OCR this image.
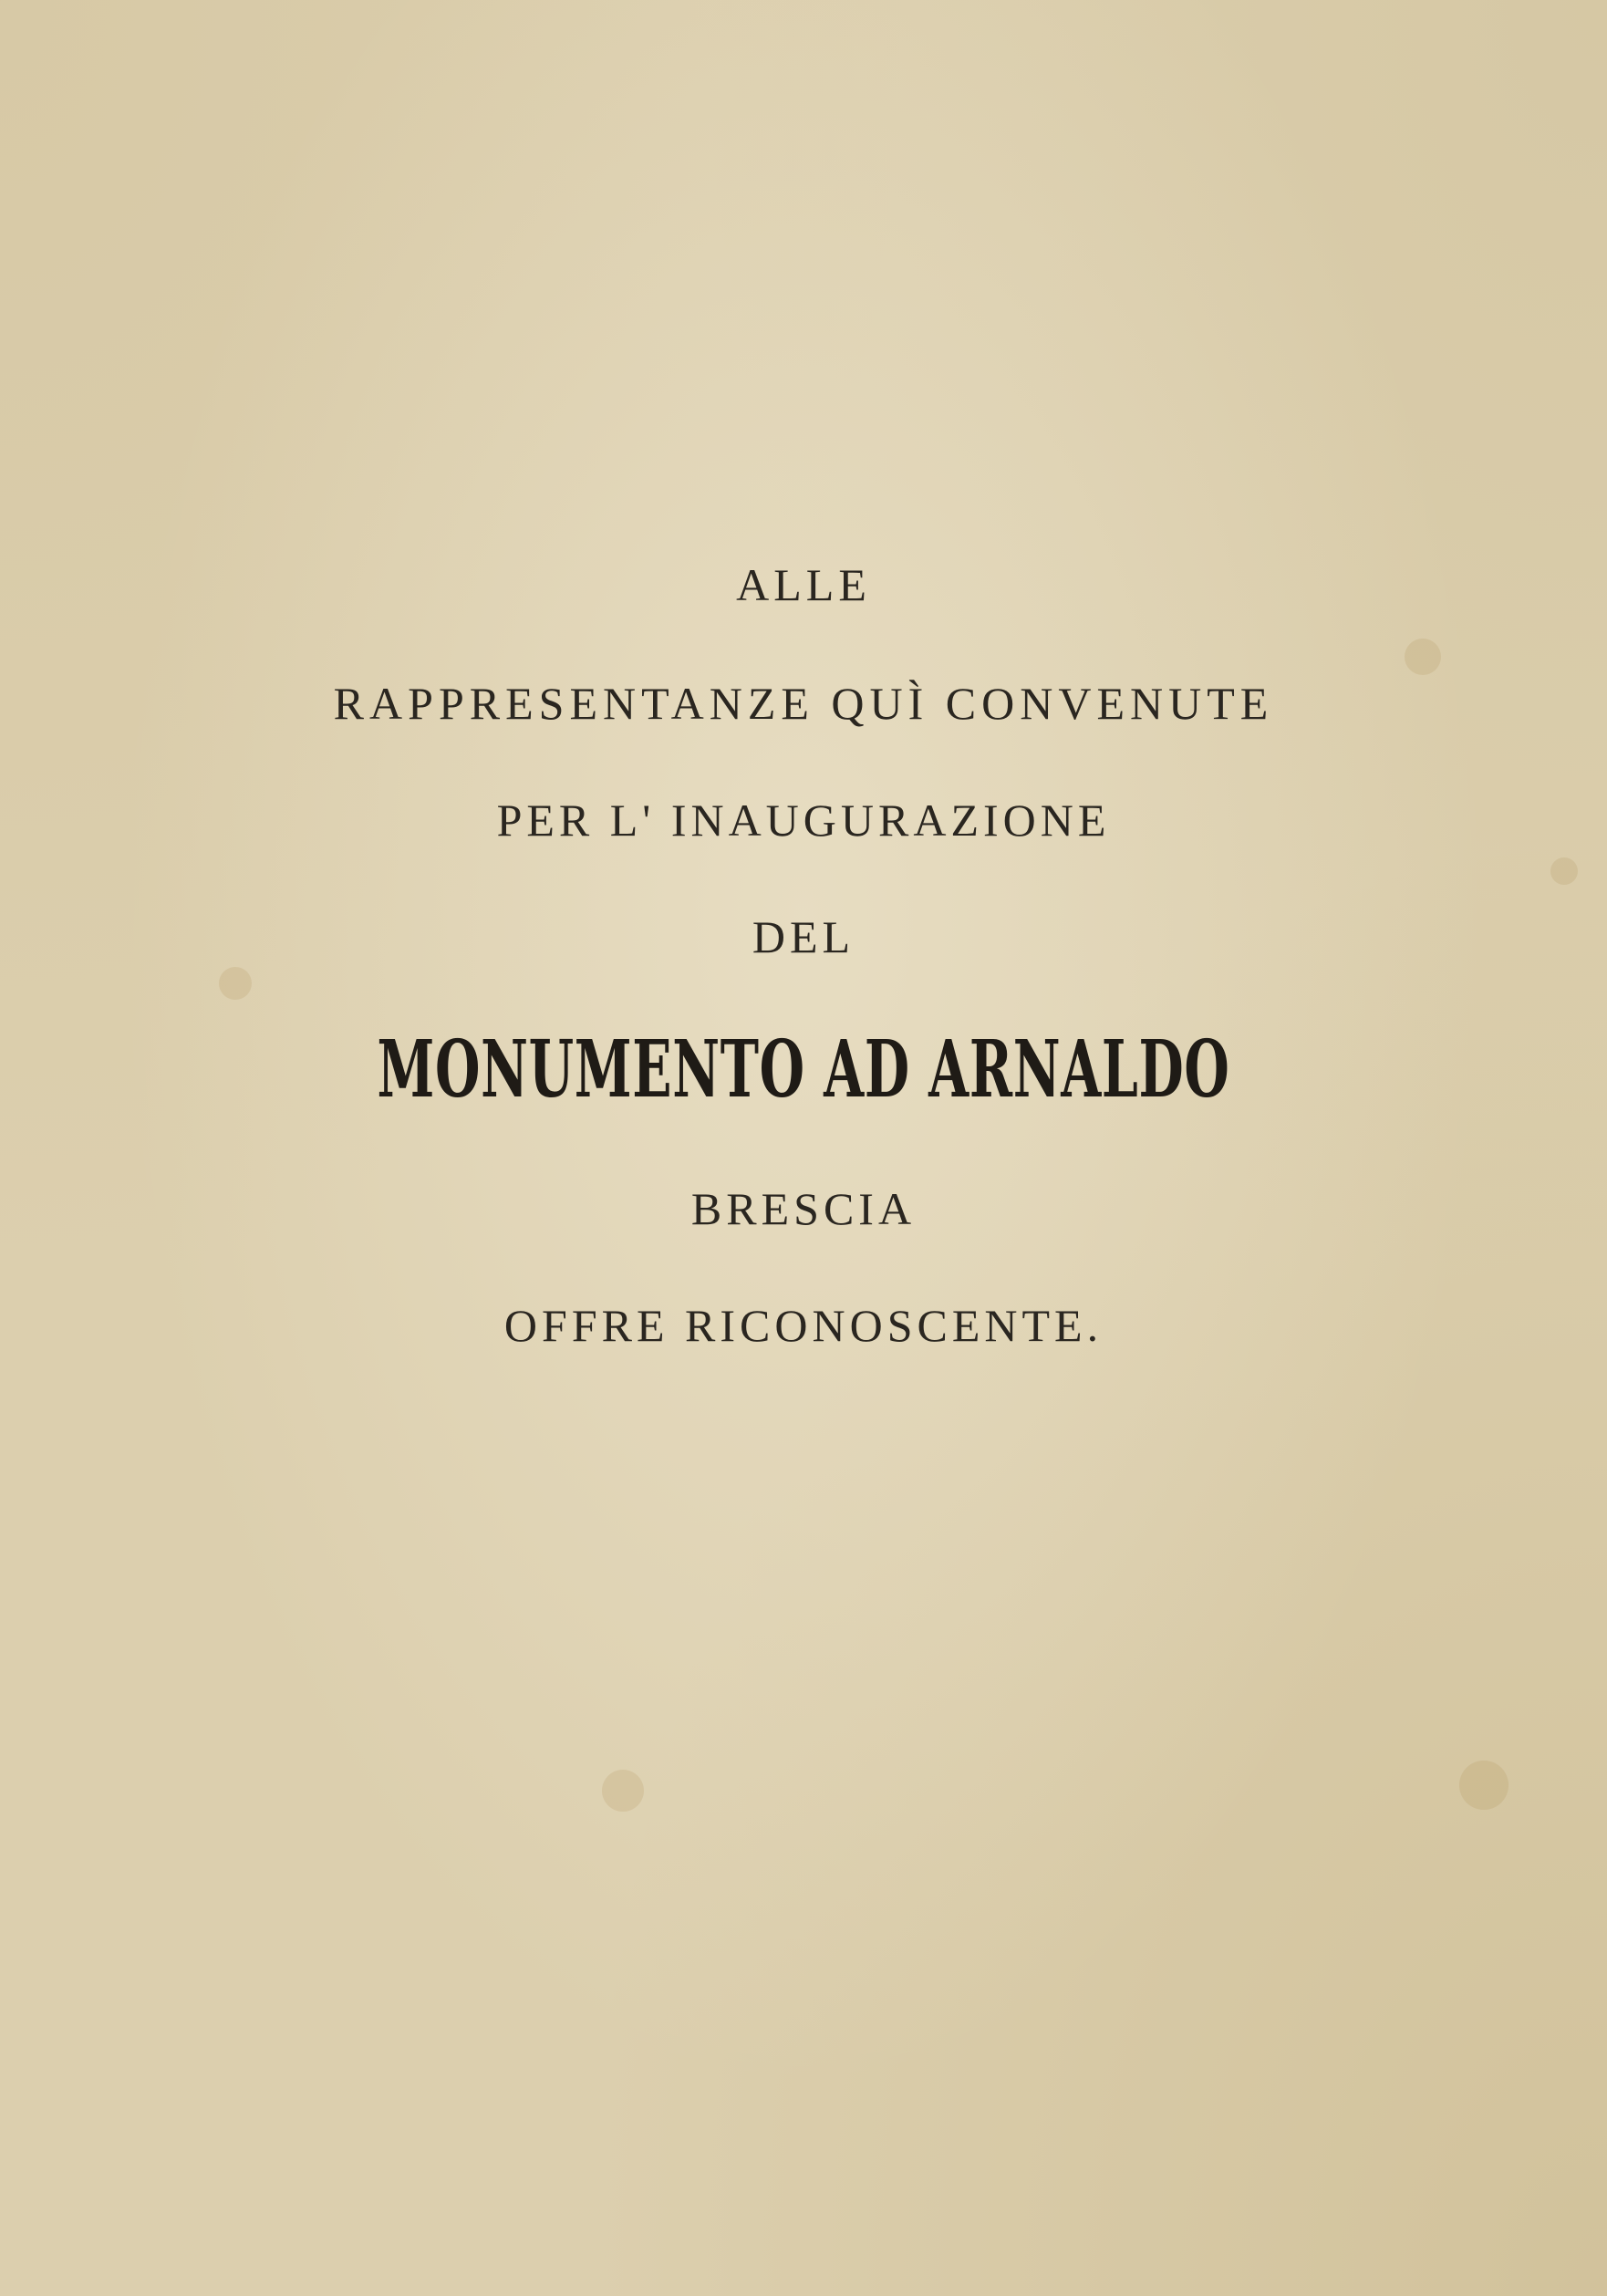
ALLE
RAPPRESENTANZE QUÌ CONVENUTE
PER L' INAUGURAZIONE
DEL
MONUMENTO AD ARNALDO
BRESCIA
OFFRE RICONOSCENTE.
